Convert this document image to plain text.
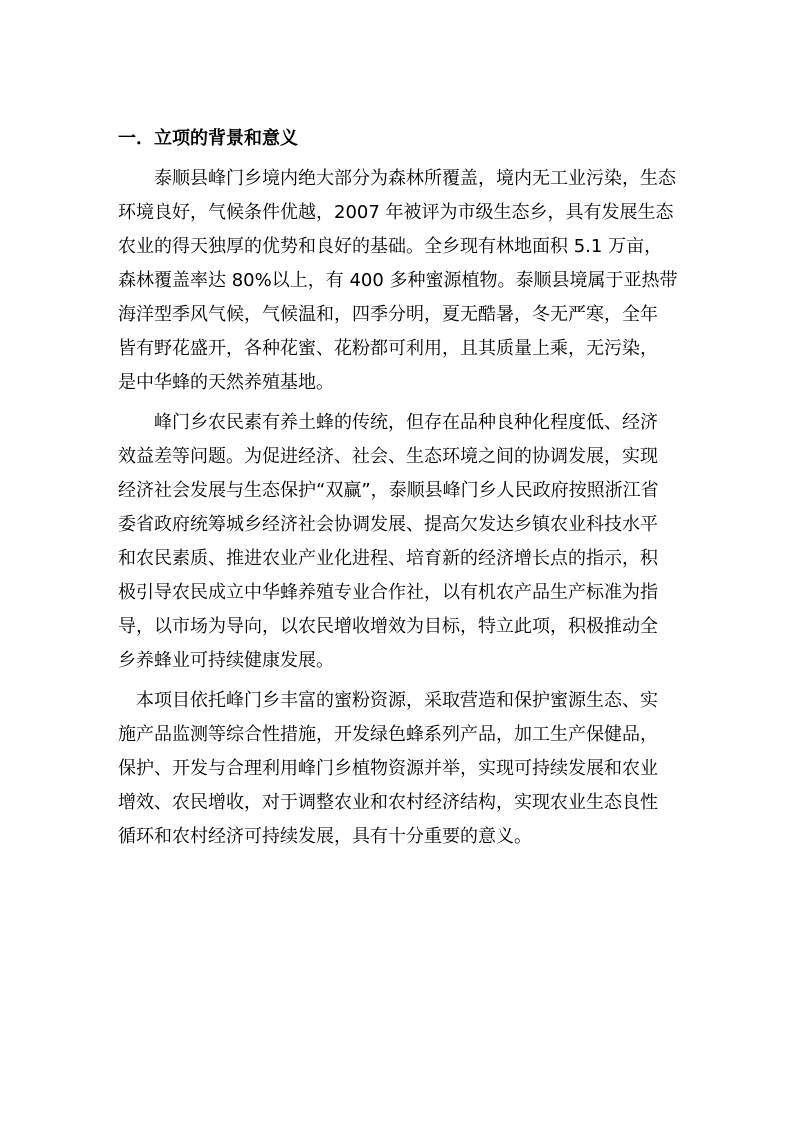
一．立项的背景和意义
　　泰顺县峰门乡境内绝大部分为森林所覆盖，境内无工业污染，生态
环境良好，气候条件优越，2007 年被评为市级生态乡，具有发展生态
农业的得天独厚的优势和良好的基础。全乡现有林地面积 5.1 万亩，
森林覆盖率达 80%以上，有 400 多种蜜源植物。泰顺县境属于亚热带
海洋型季风气候，气候温和，四季分明，夏无酷暑，冬无严寒，全年
皆有野花盛开，各种花蜜、花粉都可利用，且其质量上乘，无污染，
是中华蜂的天然养殖基地。
　　峰门乡农民素有养土蜂的传统，但存在品种良种化程度低、经济
效益差等问题。为促进经济、社会、生态环境之间的协调发展，实现
经济社会发展与生态保护“双赢”，泰顺县峰门乡人民政府按照浙江省
委省政府统筹城乡经济社会协调发展、提高欠发达乡镇农业科技水平
和农民素质、推进农业产业化进程、培育新的经济增长点的指示，积
极引导农民成立中华蜂养殖专业合作社，以有机农产品生产标准为指
导，以市场为导向，以农民增收增效为目标，特立此项，积极推动全
乡养蜂业可持续健康发展。
　本项目依托峰门乡丰富的蜜粉资源，采取营造和保护蜜源生态、实
施产品监测等综合性措施，开发绿色蜂系列产品，加工生产保健品，
保护、开发与合理利用峰门乡植物资源并举，实现可持续发展和农业
增效、农民增收，对于调整农业和农村经济结构，实现农业生态良性
循环和农村经济可持续发展，具有十分重要的意义。
